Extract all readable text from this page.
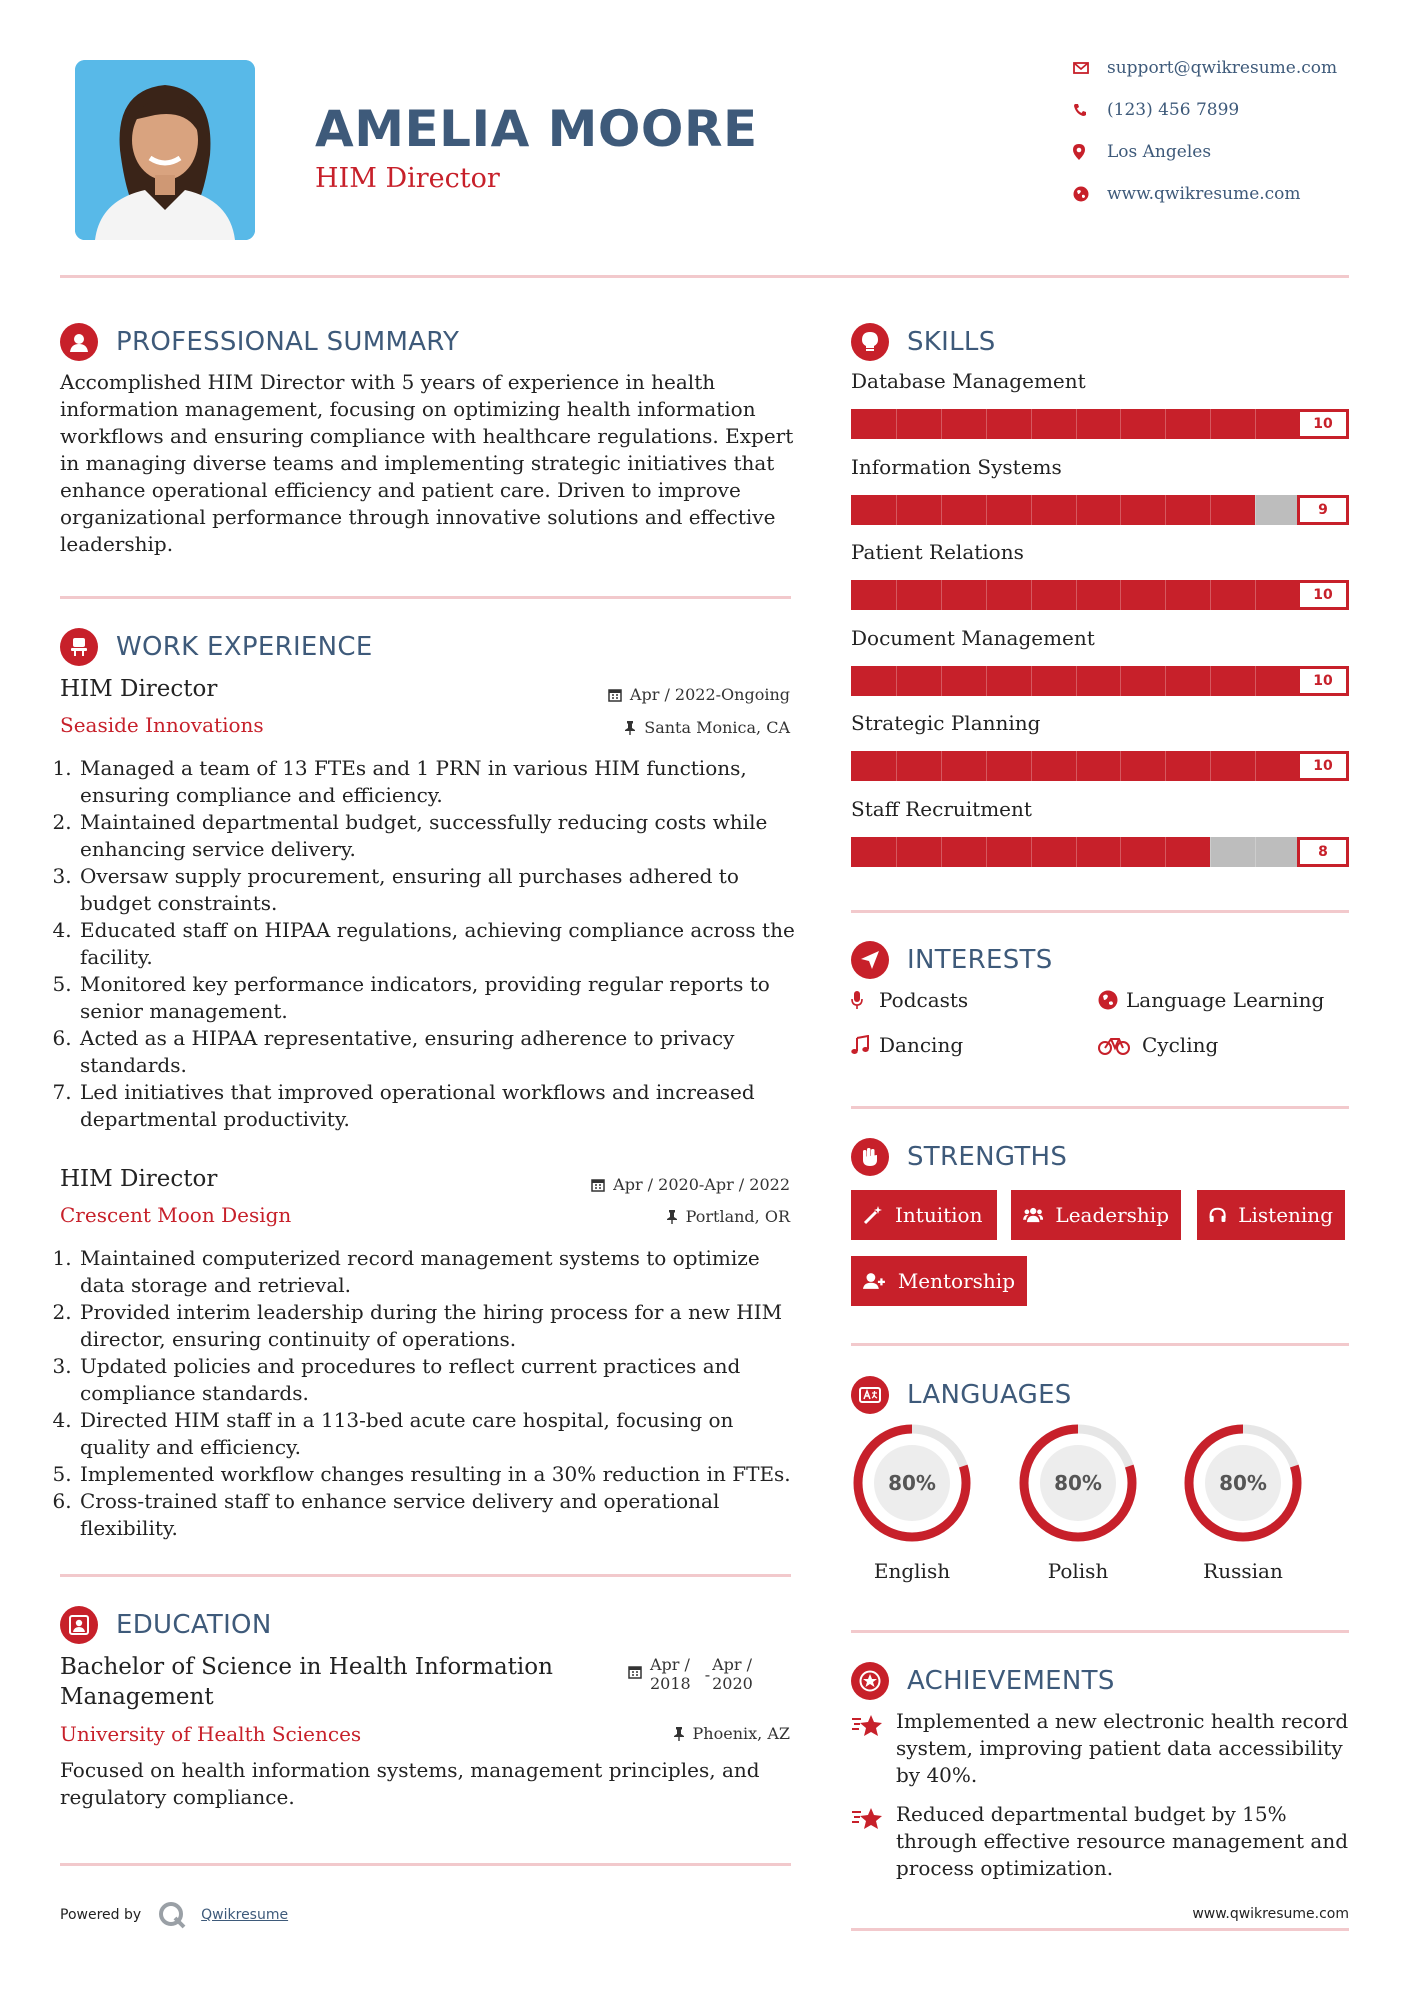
AMELIA MOORE
HIM Director
support@qwikresume.com
(123) 456 7899
Los Angeles
www.qwikresume.com
PROFESSIONAL SUMMARY
Accomplished HIM Director with 5 years of experience in health information management, focusing on optimizing health information workflows and ensuring compliance with healthcare regulations. Expert in managing diverse teams and implementing strategic initiatives that enhance operational efficiency and patient care. Driven to improve organizational performance through innovative solutions and effective leadership.
WORK EXPERIENCE
HIM Director	Apr / 2022-Ongoing
Seaside Innovations	Santa Monica, CA
1. Managed a team of 13 FTEs and 1 PRN in various HIM functions, ensuring compliance and efficiency.
2. Maintained departmental budget, successfully reducing costs while enhancing service delivery.
3. Oversaw supply procurement, ensuring all purchases adhered to budget constraints.
4. Educated staff on HIPAA regulations, achieving compliance across the facility.
5. Monitored key performance indicators, providing regular reports to senior management.
6. Acted as a HIPAA representative, ensuring adherence to privacy standards.
7. Led initiatives that improved operational workflows and increased departmental productivity.
HIM Director	Apr / 2020-Apr / 2022
Crescent Moon Design	Portland, OR
1. Maintained computerized record management systems to optimize data storage and retrieval.
2. Provided interim leadership during the hiring process for a new HIM director, ensuring continuity of operations.
3. Updated policies and procedures to reflect current practices and compliance standards.
4. Directed HIM staff in a 113-bed acute care hospital, focusing on quality and efficiency.
5. Implemented workflow changes resulting in a 30% reduction in FTEs.
6. Cross-trained staff to enhance service delivery and operational flexibility.
EDUCATION
Bachelor of Science in Health Information Management
Apr /
2018 -
Apr /
2020
University of Health Sciences	Phoenix, AZ
Focused on health information systems, management principles, and regulatory compliance.
Powered by	Qwikresume
SKILLS
Database Management
10
Information Systems
9
Patient Relations
10
Document Management
10
Strategic Planning
10
Staff Recruitment
8
INTERESTS
Podcasts	Language Learning
Dancing	Cycling
STRENGTHS
Intuition	Leadership	Listening
Mentorship
LANGUAGES
80%
English
80%
Polish
80%
Russian
ACHIEVEMENTS
Implemented a new electronic health record system, improving patient data accessibility by 40%.
Reduced departmental budget by 15% through effective resource management and process optimization.
www.qwikresume.com
